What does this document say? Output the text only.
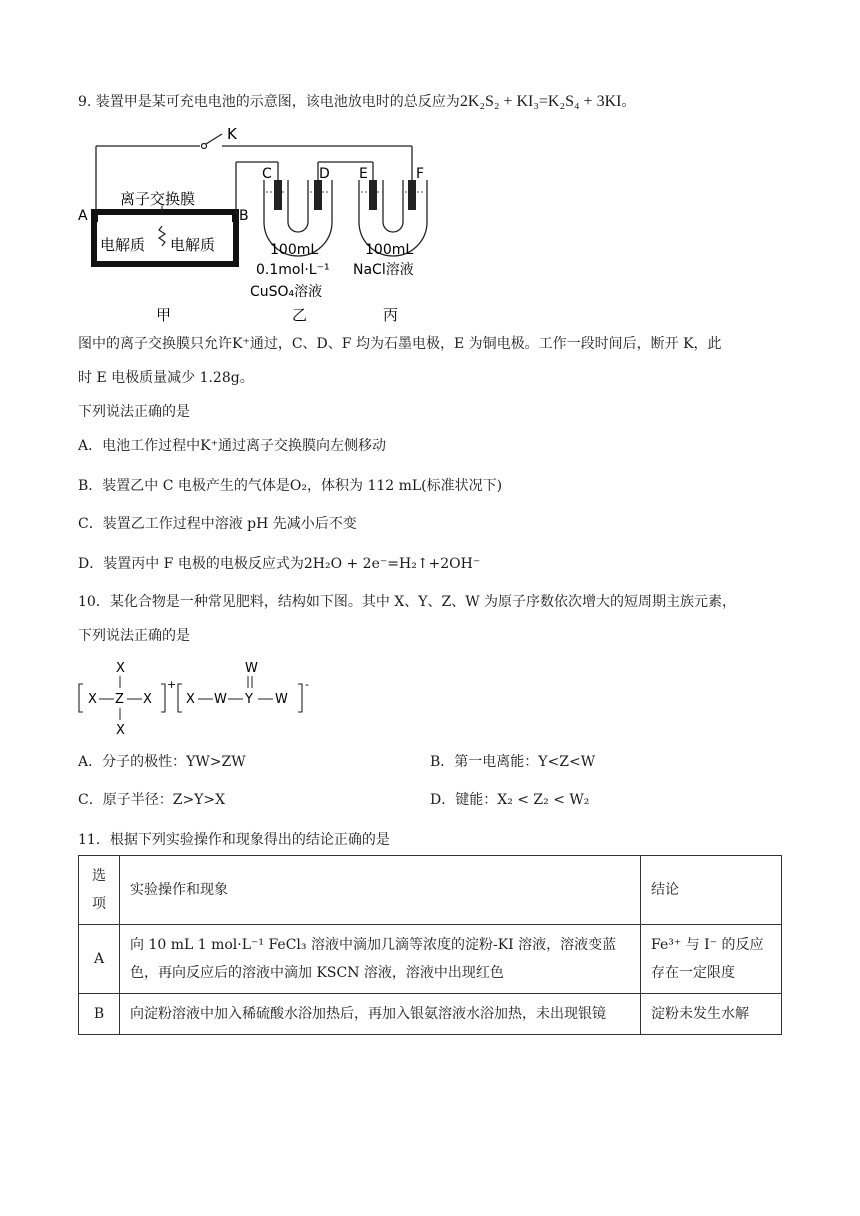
9. 装置甲是某可充电电池的示意图，该电池放电时的总反应为2K₂S₂ + KI₃=K₂S₄ + 3KI。
K
A	B
离子交换膜
电解质 电解质
C	D E	F
100mL
0.1mol·L⁻¹
CuSO₄溶液
100mL
NaCl溶液
甲	乙	丙
图中的离子交换膜只允许K⁺通过，C、D、F 均为石墨电极，E 为铜电极。工作一段时间后，断开 K，此
时 E 电极质量减少 1.28g。
下列说法正确的是
A．电池工作过程中K⁺通过离子交换膜向左侧移动
B．装置乙中 C 电极产生的气体是O₂，体积为 112 mL(标准状况下)
C．装置乙工作过程中溶液 pH 先减小后不变
D．装置丙中 F 电极的电极反应式为2H₂O + 2e⁻=H₂↑+2OH⁻
10．某化合物是一种常见肥料，结构如下图。其中 X、Y、Z、W 为原子序数依次增大的短周期主族元素，
下列说法正确的是
X Z X
X
X
+
X W Y W
W
-
A．分子的极性：YW>ZW	B．第一电离能：Y<Z<W
C．原子半径：Z>Y>X	D．键能：X₂ < Z₂ < W₂
11．根据下列实验操作和现象得出的结论正确的是
选
项	实验操作和现象	结论
A	向 10 mL 1 mol·L⁻¹ FeCl₃ 溶液中滴加几滴等浓度的淀粉-KI 溶液，溶液变蓝色，再向反应后的溶液中滴加 KSCN 溶液，溶液中出现红色	Fe³⁺ 与 I⁻ 的反应存在一定限度
B	向淀粉溶液中加入稀硫酸水浴加热后，再加入银氨溶液水浴加热，未出现银镜	淀粉未发生水解
